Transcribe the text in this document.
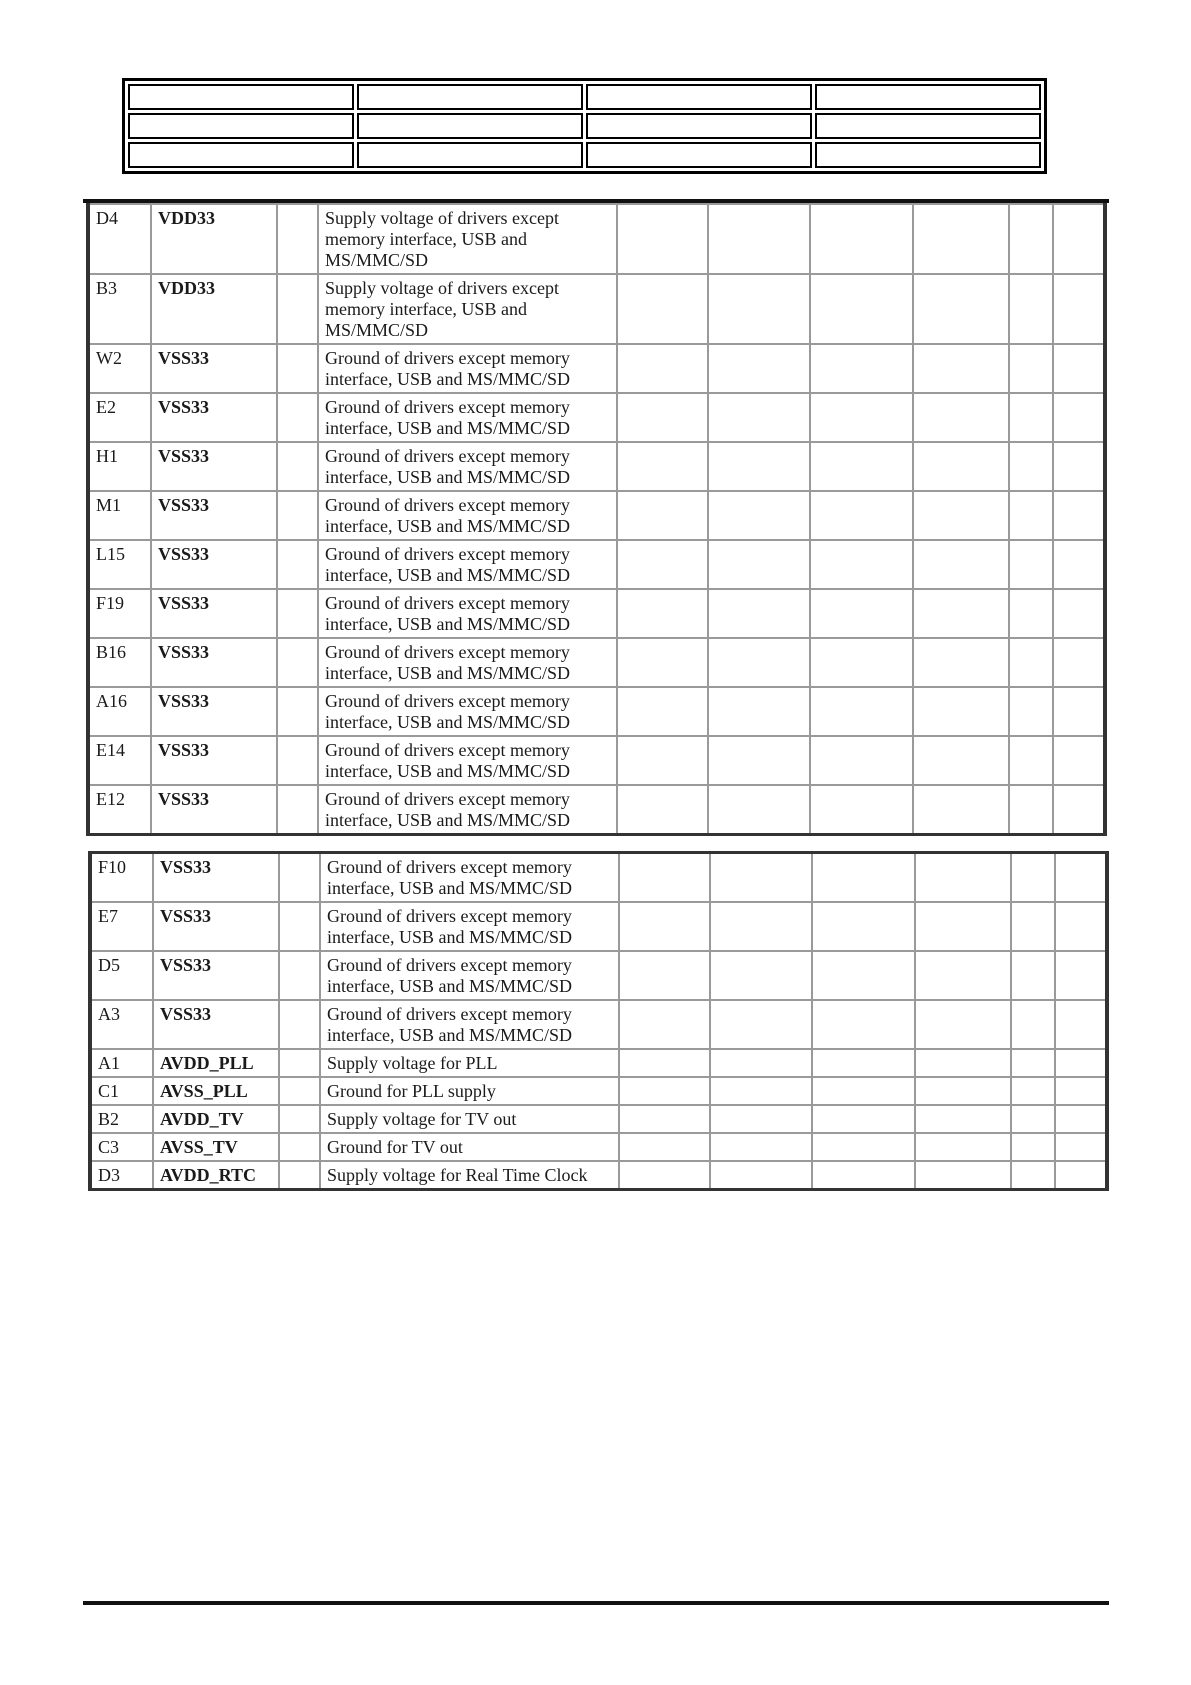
D4	VDD33		Supply voltage of drivers except memory interface, USB and MS/MMC/SD						
B3	VDD33		Supply voltage of drivers except memory interface, USB and MS/MMC/SD						
W2	VSS33		Ground of drivers except memory interface, USB and MS/MMC/SD						
E2	VSS33		Ground of drivers except memory interface, USB and MS/MMC/SD						
H1	VSS33		Ground of drivers except memory interface, USB and MS/MMC/SD						
M1	VSS33		Ground of drivers except memory interface, USB and MS/MMC/SD						
L15	VSS33		Ground of drivers except memory interface, USB and MS/MMC/SD						
F19	VSS33		Ground of drivers except memory interface, USB and MS/MMC/SD						
B16	VSS33		Ground of drivers except memory interface, USB and MS/MMC/SD						
A16	VSS33		Ground of drivers except memory interface, USB and MS/MMC/SD						
E14	VSS33		Ground of drivers except memory interface, USB and MS/MMC/SD						
E12	VSS33		Ground of drivers except memory interface, USB and MS/MMC/SD						
F10	VSS33		Ground of drivers except memory interface, USB and MS/MMC/SD						
E7	VSS33		Ground of drivers except memory interface, USB and MS/MMC/SD						
D5	VSS33		Ground of drivers except memory interface, USB and MS/MMC/SD						
A3	VSS33		Ground of drivers except memory interface, USB and MS/MMC/SD						
A1	AVDD_PLL		Supply voltage for PLL						
C1	AVSS_PLL		Ground for PLL supply						
B2	AVDD_TV		Supply voltage for TV out						
C3	AVSS_TV		Ground for TV out						
D3	AVDD_RTC		Supply voltage for Real Time Clock						
